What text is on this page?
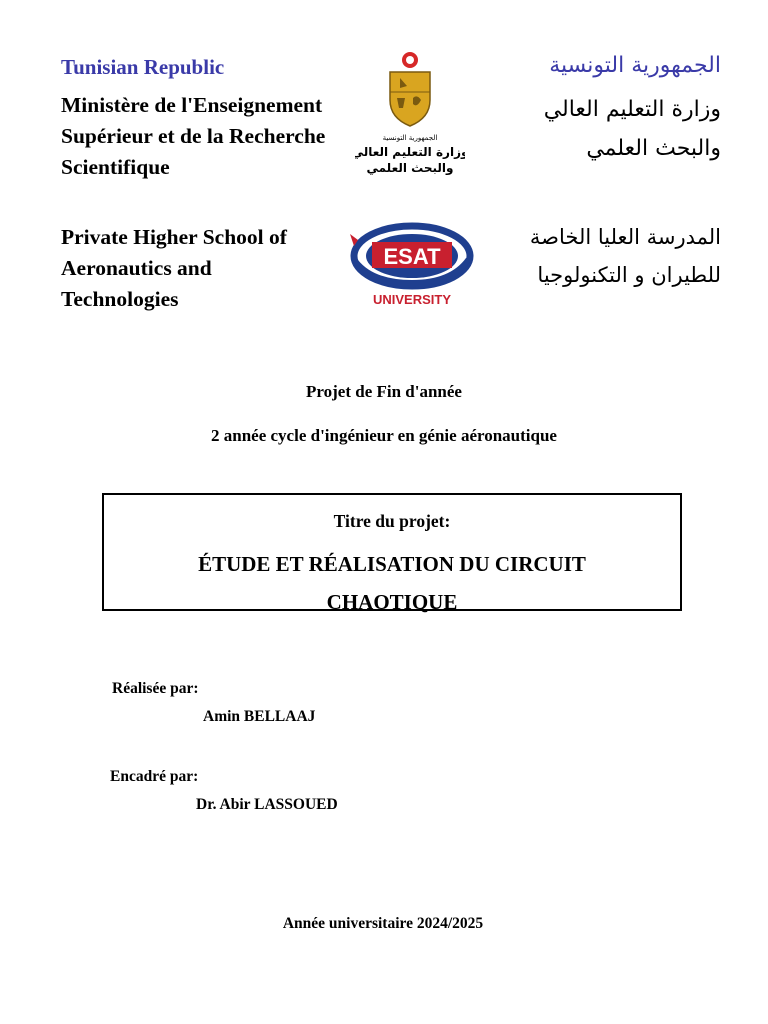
Tunisian Republic
Ministère de l'Enseignement Supérieur et de la Recherche Scientifique
الجمهورية التونسية
وزارة التعليم العالي
والبحث العلمي
الجمهورية التونسية
وزارة التعليم العالي
والبحث العلمي
Private Higher School of
Aeronautics and
Technologies
ESAT
UNIVERSITY
المدرسة العليا الخاصة
للطيران و التكنولوجيا
Projet de Fin d'année
2 année cycle d'ingénieur en génie aéronautique
Titre du projet:
ÉTUDE ET RÉALISATION DU CIRCUIT
CHAOTIQUE
Réalisée par:
Amin BELLAAJ
Encadré par:
Dr. Abir LASSOUED
Année universitaire 2024/2025
